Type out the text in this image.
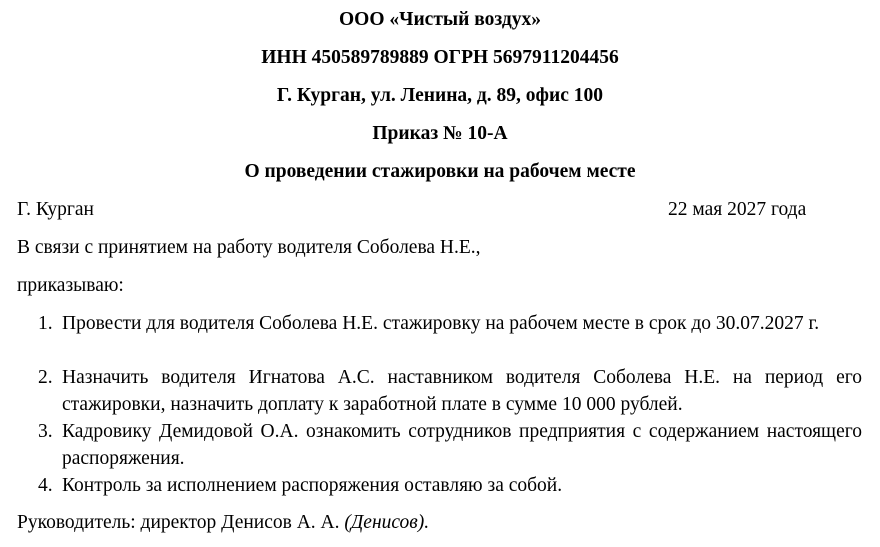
ООО «Чистый воздух»
ИНН 450589789889 ОГРН 5697911204456
Г. Курган, ул. Ленина, д. 89, офис 100
Приказ № 10-А
О проведении стажировки на рабочем месте
Г. Курган	22 мая 2027 года
В связи с принятием на работу водителя Соболева Н.Е.,
приказываю:
1. Провести для водителя Соболева Н.Е. стажировку на рабочем месте в срок до 30.07.2027 г.
2. Назначить водителя Игнатова А.С. наставником водителя Соболева Н.Е. на период его стажировки, назначить доплату к заработной плате в сумме 10 000 рублей.
3. Кадровику Демидовой О.А. ознакомить сотрудников предприятия с содержанием настоящего распоряжения.
4. Контроль за исполнением распоряжения оставляю за собой.
Руководитель: директор Денисов А. А. (Денисов).
